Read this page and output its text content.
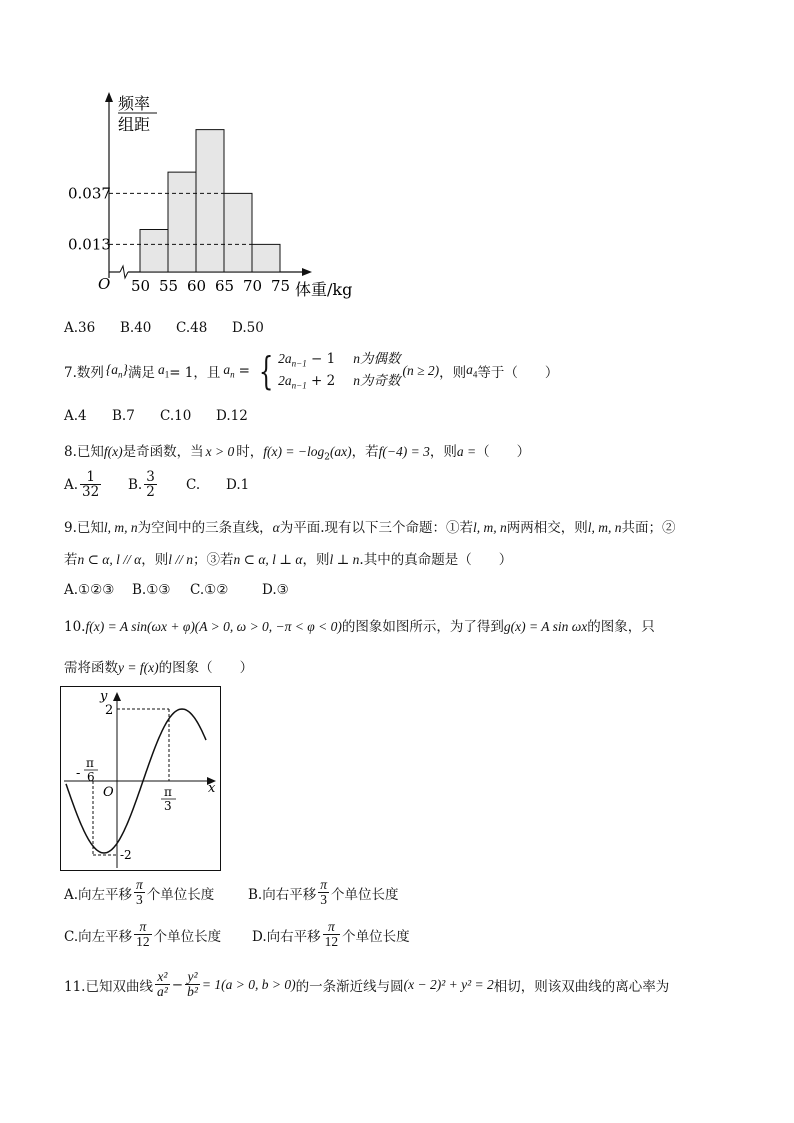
50 55 60 65 70 75
0.037
0.013
频率
组距
O	体重/kg
A.36 B.40 C.48 D.50
7.数列 $\{a_n\}$ 满足 $a_1 = 1$，且 $a_n$ = { $2a_{n-1} - 1$ n为偶数
$2a_{n-1} + 2$ n为奇数
(n ≥ 2) ，则 $a_4$ 等于（　　）
A.4 B.7 C.10 D.12
8.已知f(x)是奇函数，当 x > 0 时，$f(x) = -\log_2(ax)$，若f(−4) = 3，则a =（　　）
A. $\frac{1}{32} B$. $\frac{3}{2} C$.	D.1
9.已知l, m, n为空间中的三条直线，α为平面.现有以下三个命题：①若l, m, n两两相交，则l, m, n共面；②
若n ⊂ α, l // α，则l // n；③若n ⊂ α, l ⊥ α，则l ⊥ n.其中的真命题是（　　）
A.①②③ B.①③ C.①② D.③
10.f(x) = A sin(ωx + φ)(A > 0, ω > 0, −π < φ < 0)的图象如图所示，为了得到g(x) = A sin ωx的图象，只
需将函数y = f(x)的图象（　　）
y
x
O
2
-2
-
π
6
π
3
A.向左平移 $\frac{\pi}{3}$ 个单位长度 B.向右平移 $\frac{\pi}{3}$ 个单位长度
C.向左平移 $\frac{\pi}{12}$ 个单位长度 D.向右平移 $\frac{\pi}{12}$ 个单位长度
11.已知双曲线 $\frac{\text{x²}}{\text{a²}} - \frac{\text{y²}}{\text{b²}} = 1(a > 0$, b > 0) 的一条渐近线与圆 (x − 2)² + y² = 2 相切，则该双曲线的离心率为
